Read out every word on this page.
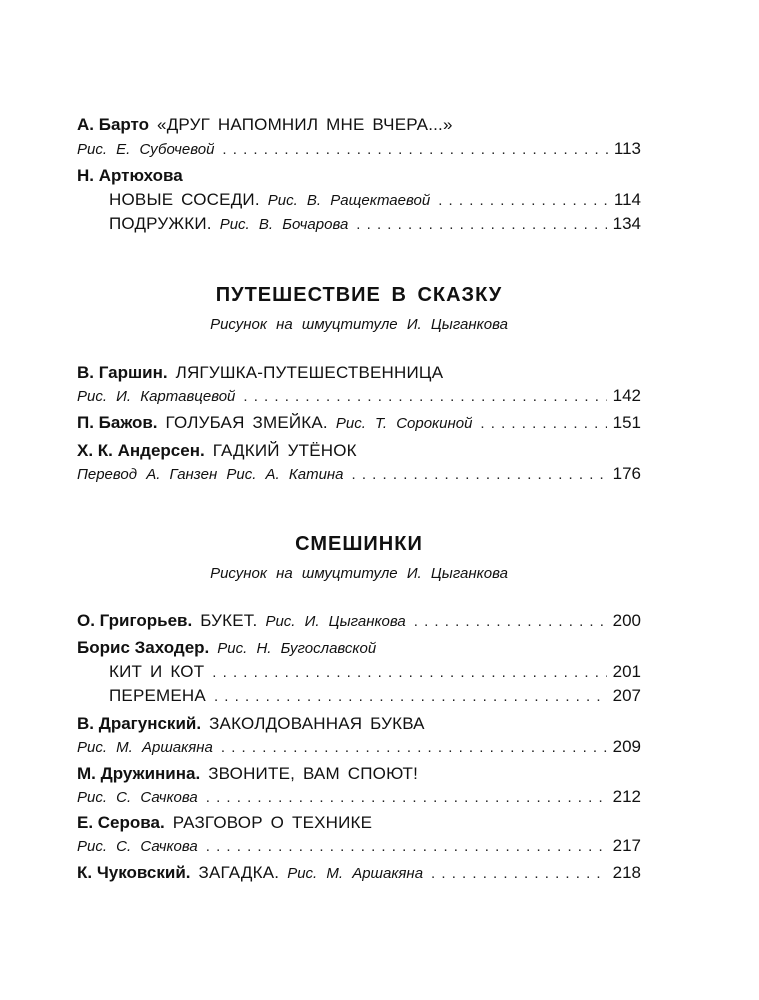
А. Барто «ДРУГ НАПОМНИЛ МНЕ ВЧЕРА...»
Рис. Е. Субочевой . . .	113
Н. Артюхова
НОВЫЕ СОСЕДИ. Рис. В. Ращектаевой . . .	114
ПОДРУЖКИ. Рис. В. Бочарова . . .	134
ПУТЕШЕСТВИЕ В СКАЗКУ
Рисунок на шмуцтитуле И. Цыганкова
В. Гаршин. ЛЯГУШКА-ПУТЕШЕСТВЕННИЦА
Рис. И. Картавцевой . . .	142
П. Бажов. ГОЛУБАЯ ЗМЕЙКА. Рис. Т. Сорокиной . . .	151
Х. К. Андерсен. ГАДКИЙ УТЁНОК
Перевод А. Ганзен Рис. А. Катина . . .	176
СМЕШИНКИ
Рисунок на шмуцтитуле И. Цыганкова
О. Григорьев. БУКЕТ. Рис. И. Цыганкова . . .	200
Борис Заходер. Рис. Н. Бугославской
КИТ И КОТ . . .	201
ПЕРЕМЕНА . . .	207
В. Драгунский. ЗАКОЛДОВАННАЯ БУКВА
Рис. М. Аршакяна . . .	209
М. Дружинина. ЗВОНИТЕ, ВАМ СПОЮТ!
Рис. С. Сачкова . . .	212
Е. Серова. РАЗГОВОР О ТЕХНИКЕ
Рис. С. Сачкова . . .	217
К. Чуковский. ЗАГАДКА. Рис. М. Аршакяна . . .	218
